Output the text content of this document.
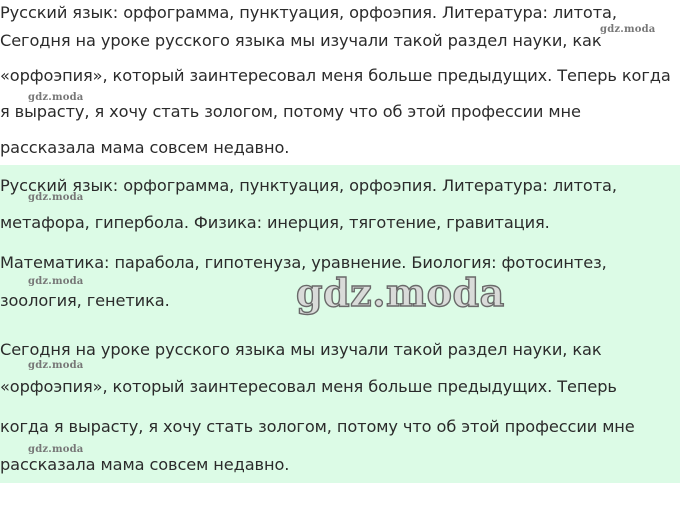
Русский язык: орфограмма, пунктуация, орфоэпия. Литература: литота,
Сегодня на уроке русского языка мы изучали такой раздел науки, как
«орфоэпия», который заинтересовал меня больше предыдущих. Теперь когда
я вырасту, я хочу стать зологом, потому что об этой профессии мне
рассказала мама совсем недавно.
Русский язык: орфограмма, пунктуация, орфоэпия. Литература: литота,
метафора, гипербола. Физика: инерция, тяготение, гравитация.
Математика: парабола, гипотенуза, уравнение. Биология: фотосинтез,
зоология, генетика.
Сегодня на уроке русского языка мы изучали такой раздел науки, как
«орфоэпия», который заинтересовал меня больше предыдущих. Теперь
когда я вырасту, я хочу стать зологом, потому что об этой профессии мне
рассказала мама совсем недавно.
gdz.moda
gdz.moda
gdz.moda
gdz.moda
gdz.moda
gdz.moda
gdz.moda
